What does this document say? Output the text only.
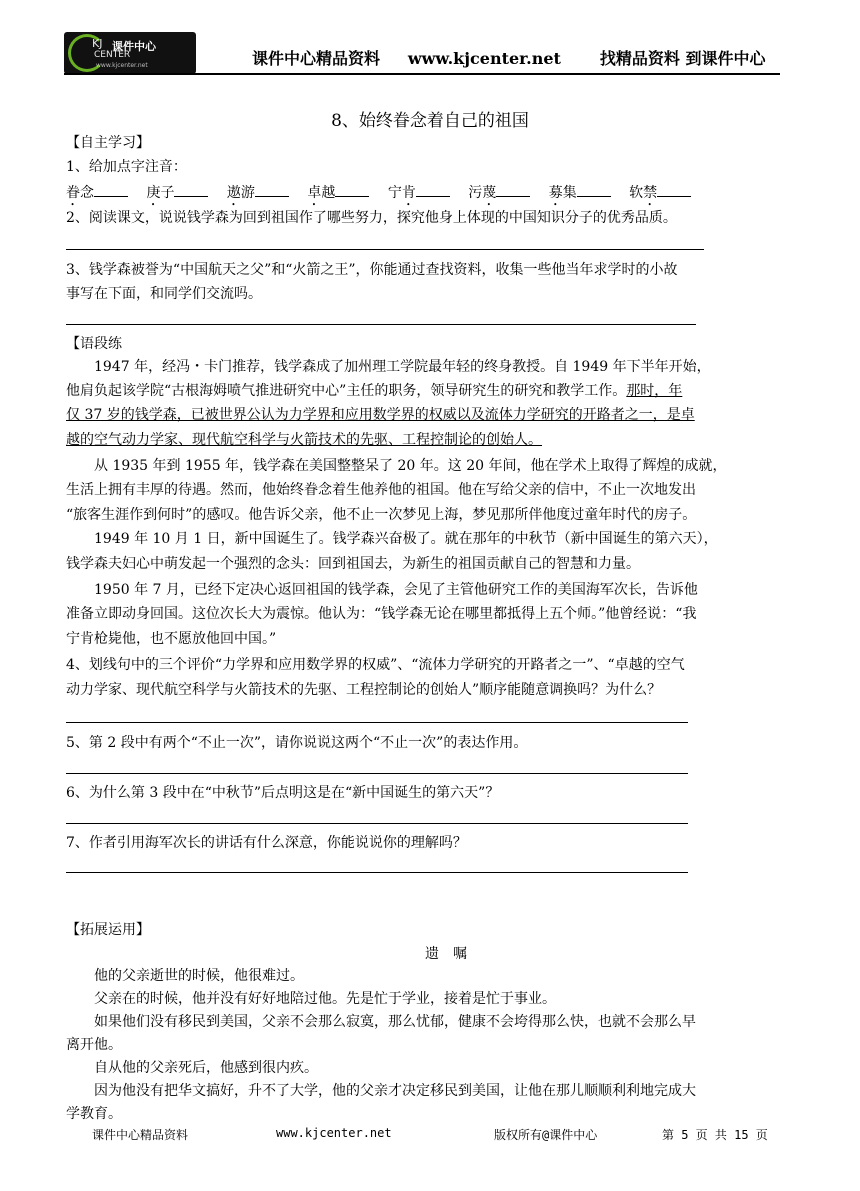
KJ 课件中心
CENTER
www.kjcenter.net	课件中心精品资料 www.kjcenter.net 找精品资料 到课件中心
8、始终眷念着自己的祖国
【自主学习】
1、给加点字注音：
眷念	庚子	遨游	卓越	宁肯	污蔑	募集	软禁
2、阅读课文，说说钱学森为回到祖国作了哪些努力，探究他身上体现的中国知识分子的优秀品质。
3、钱学森被誉为“中国航天之父”和“火箭之王”，你能通过查找资料，收集一些他当年求学时的小故
事写在下面，和同学们交流吗。
【语段练
1947 年，经冯・卡门推荐，钱学森成了加州理工学院最年轻的终身教授。自 1949 年下半年开始，
他肩负起该学院“古根海姆喷气推进研究中心”主任的职务，领导研究生的研究和教学工作。那时，年
仅 37 岁的钱学森，已被世界公认为力学界和应用数学界的权威以及流体力学研究的开路者之一，是卓
越的空气动力学家、现代航空科学与火箭技术的先驱、工程控制论的创始人。
从 1935 年到 1955 年，钱学森在美国整整呆了 20 年。这 20 年间，他在学术上取得了辉煌的成就，
生活上拥有丰厚的待遇。然而，他始终眷念着生他养他的祖国。他在写给父亲的信中，不止一次地发出
“旅客生涯作到何时”的感叹。他告诉父亲，他不止一次梦见上海，梦见那所伴他度过童年时代的房子。
1949 年 10 月 1 日，新中国诞生了。钱学森兴奋极了。就在那年的中秋节（新中国诞生的第六天），
钱学森夫妇心中萌发起一个强烈的念头：回到祖国去，为新生的祖国贡献自己的智慧和力量。
1950 年 7 月，已经下定决心返回祖国的钱学森，会见了主管他研究工作的美国海军次长，告诉他
准备立即动身回国。这位次长大为震惊。他认为：“钱学森无论在哪里都抵得上五个师。”他曾经说：“我
宁肯枪毙他，也不愿放他回中国。”
4、划线句中的三个评价“力学界和应用数学界的权威”、“流体力学研究的开路者之一”、“卓越的空气
动力学家、现代航空科学与火箭技术的先驱、工程控制论的创始人”顺序能随意调换吗？为什么？
5、第 2 段中有两个“不止一次”，请你说说这两个“不止一次”的表达作用。
6、为什么第 3 段中在“中秋节”后点明这是在“新中国诞生的第六天”？
7、作者引用海军次长的讲话有什么深意，你能说说你的理解吗？
【拓展运用】
遗　嘱
他的父亲逝世的时候，他很难过。
父亲在的时候，他并没有好好地陪过他。先是忙于学业，接着是忙于事业。
如果他们没有移民到美国，父亲不会那么寂寞，那么忧郁，健康不会垮得那么快，也就不会那么早
离开他。
自从他的父亲死后，他感到很内疚。
因为他没有把华文搞好，升不了大学，他的父亲才决定移民到美国，让他在那儿顺顺利利地完成大
学教育。
课件中心精品资料	www.kjcenter.net	版权所有@课件中心	第 5 页 共 15 页
